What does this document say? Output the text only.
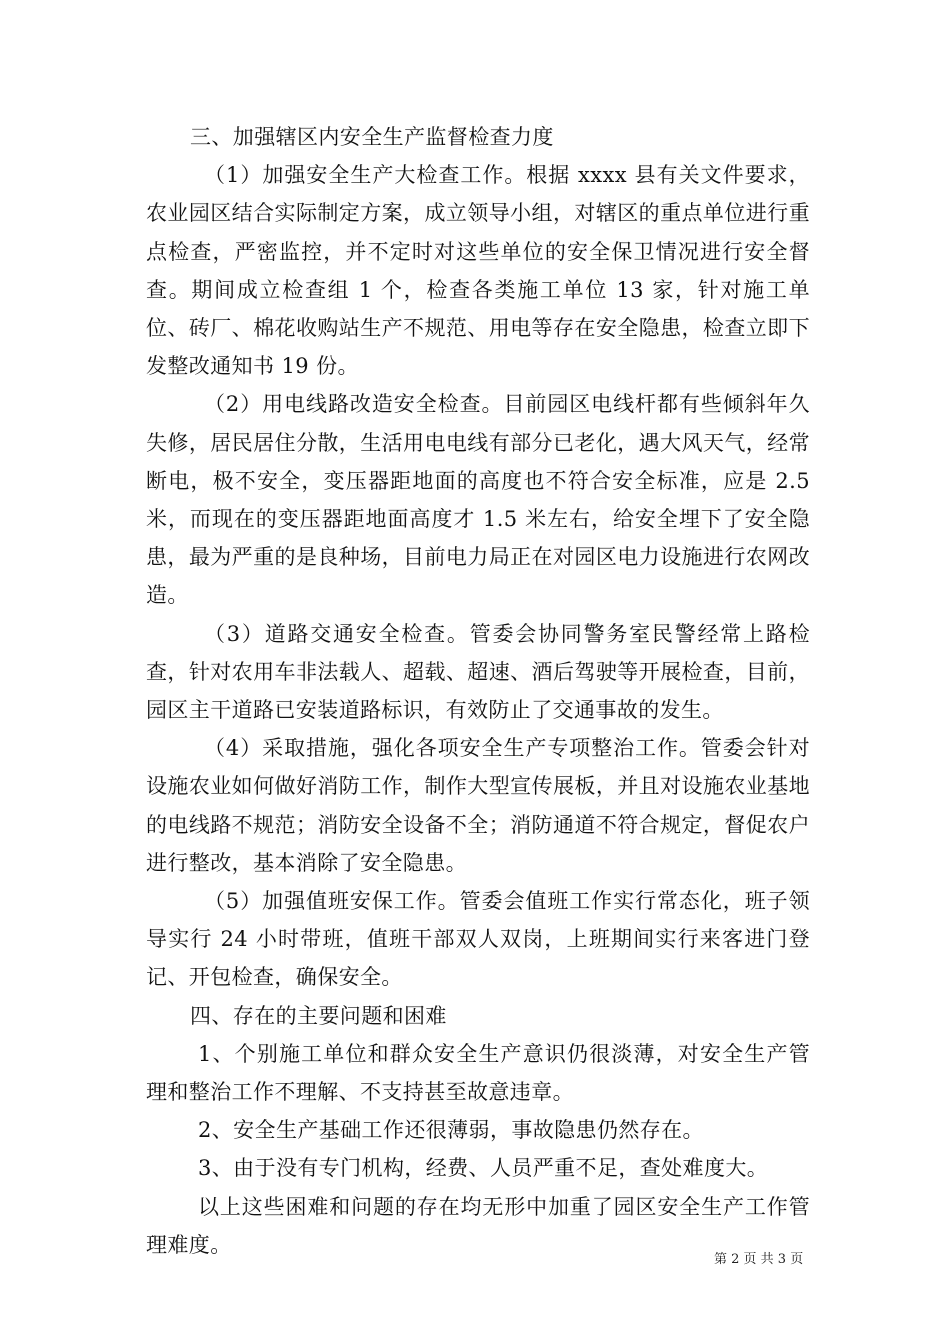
三、加强辖区内安全生产监督检查力度

（1）加强安全生产大检查工作。根据 xxxx 县有关文件要求，农业园区结合实际制定方案，成立领导小组，对辖区的重点单位进行重点检查，严密监控，并不定时对这些单位的安全保卫情况进行安全督查。期间成立检查组 1 个，检查各类施工单位 13 家，针对施工单位、砖厂、棉花收购站生产不规范、用电等存在安全隐患，检查立即下发整改通知书 19 份。

（2）用电线路改造安全检查。目前园区电线杆都有些倾斜年久失修，居民居住分散，生活用电电线有部分已老化，遇大风天气，经常断电，极不安全，变压器距地面的高度也不符合安全标准，应是 2.5 米，而现在的变压器距地面高度才 1.5 米左右，给安全埋下了安全隐患，最为严重的是良种场，目前电力局正在对园区电力设施进行农网改造。

（3）道路交通安全检查。管委会协同警务室民警经常上路检查，针对农用车非法载人、超载、超速、酒后驾驶等开展检查，目前，园区主干道路已安装道路标识，有效防止了交通事故的发生。

（4）采取措施，强化各项安全生产专项整治工作。管委会针对设施农业如何做好消防工作，制作大型宣传展板，并且对设施农业基地的电线路不规范；消防安全设备不全；消防通道不符合规定，督促农户进行整改，基本消除了安全隐患。

（5）加强值班安保工作。管委会值班工作实行常态化，班子领导实行 24 小时带班，值班干部双人双岗，上班期间实行来客进门登记、开包检查，确保安全。

四、存在的主要问题和困难

1、个别施工单位和群众安全生产意识仍很淡薄，对安全生产管理和整治工作不理解、不支持甚至故意违章。

2、安全生产基础工作还很薄弱，事故隐患仍然存在。

3、由于没有专门机构，经费、人员严重不足，查处难度大。

以上这些困难和问题的存在均无形中加重了园区安全生产工作管理难度。

第 2 页 共 3 页
